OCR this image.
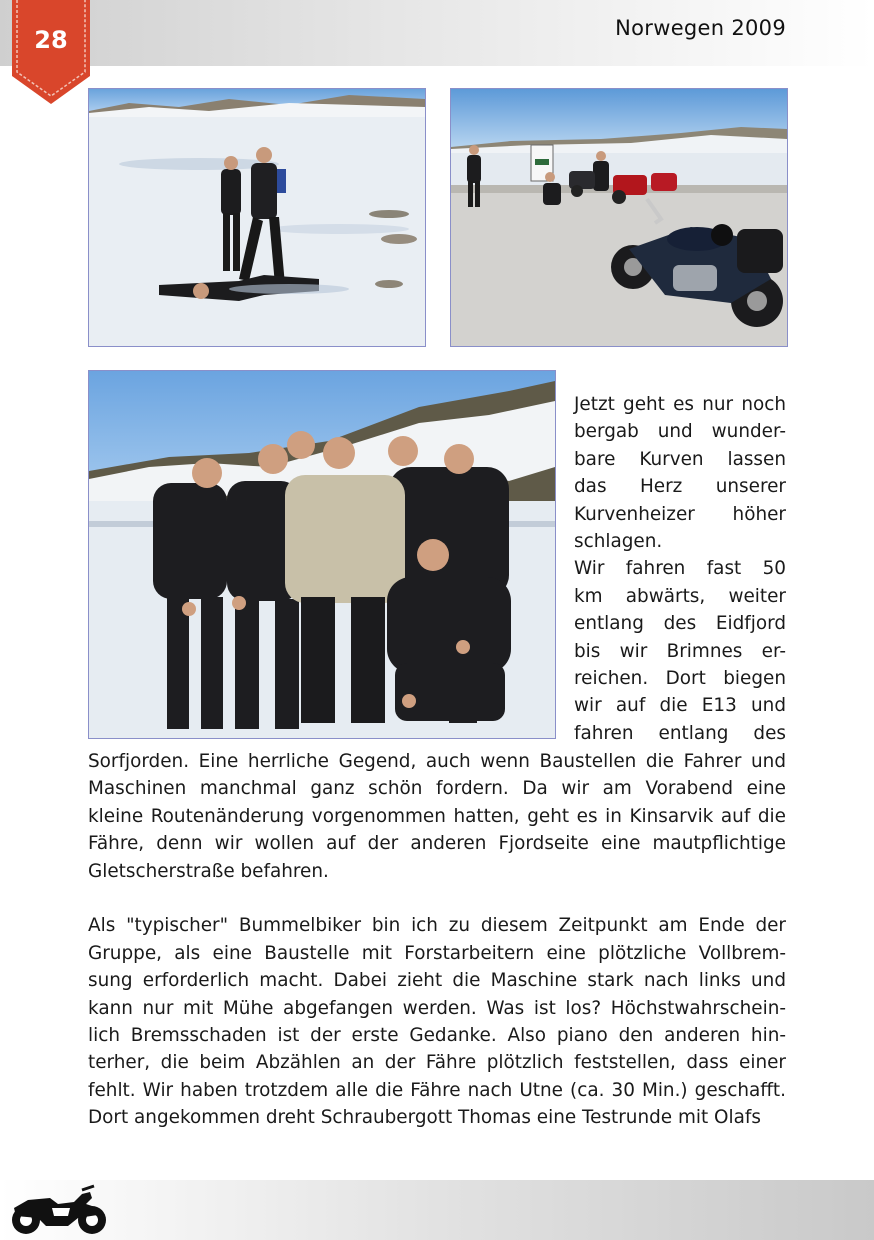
Norwegen 2009
28
Jetzt geht es nur noch
bergab und wunder-
bare Kurven lassen
das Herz unserer
Kurvenheizer höher
schlagen.
Wir fahren fast 50
km abwärts, weiter
entlang des Eidfjord
bis wir Brimnes er-
reichen. Dort biegen
wir auf die E13 und
fahren entlang des
Sorfjorden. Eine herrliche Gegend, auch wenn Baustellen die Fahrer und
Maschinen manchmal ganz schön fordern. Da wir am Vorabend eine
kleine Routenänderung vorgenommen hatten, geht es in Kinsarvik auf die
Fähre, denn wir wollen auf der anderen Fjordseite eine mautpflichtige
Gletscherstraße befahren.
Als "typischer" Bummelbiker bin ich zu diesem Zeitpunkt am Ende der
Gruppe, als eine Baustelle mit Forstarbeitern eine plötzliche Vollbrem-
sung erforderlich macht. Dabei zieht die Maschine stark nach links und
kann nur mit Mühe abgefangen werden. Was ist los? Höchstwahrschein-
lich Bremsschaden ist der erste Gedanke. Also piano den anderen hin-
terher, die beim Abzählen an der Fähre plötzlich feststellen, dass einer
fehlt. Wir haben trotzdem alle die Fähre nach Utne (ca. 30 Min.) geschafft.
Dort angekommen dreht Schraubergott Thomas eine Testrunde mit Olafs
